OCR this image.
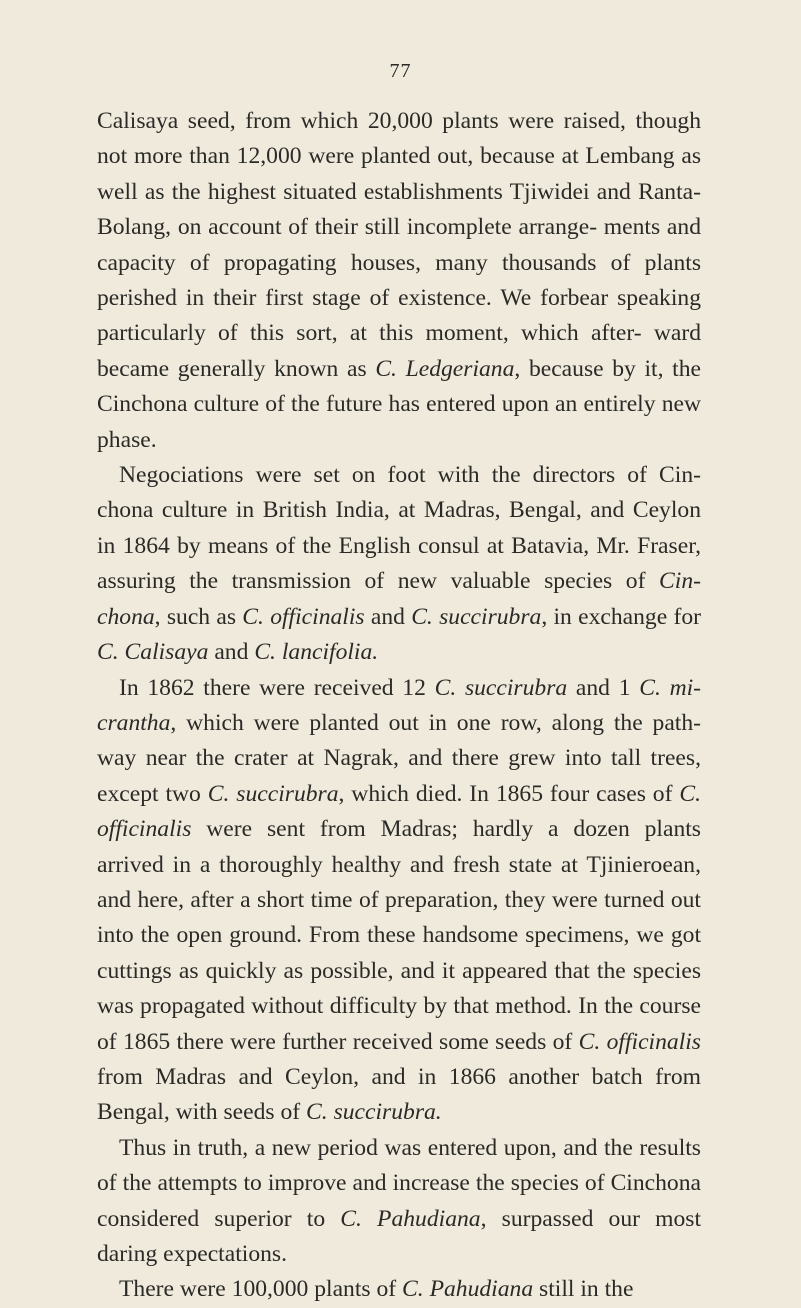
77

Calisaya seed, from which 20,000 plants were raised, though not more than 12,000 were planted out, because at Lembang as well as the highest situated establishments Tjiwidei and Ranta-Bolang, on account of their still incomplete arrange- ments and capacity of propagating houses, many thousands of plants perished in their first stage of existence. We forbear speaking particularly of this sort, at this moment, which after- ward became generally known as C. Ledgeriana, because by it, the Cinchona culture of the future has entered upon an entirely new phase.

Negociations were set on foot with the directors of Cin- chona culture in British India, at Madras, Bengal, and Ceylon in 1864 by means of the English consul at Batavia, Mr. Fraser, assuring the transmission of new valuable species of Cin- chona, such as C. officinalis and C. succirubra, in exchange for C. Calisaya and C. lancifolia.

In 1862 there were received 12 C. succirubra and 1 C. mi- crantha, which were planted out in one row, along the path- way near the crater at Nagrak, and there grew into tall trees, except two C. succirubra, which died. In 1865 four cases of C. officinalis were sent from Madras; hardly a dozen plants arrived in a thoroughly healthy and fresh state at Tjinieroean, and here, after a short time of preparation, they were turned out into the open ground. From these handsome specimens, we got cuttings as quickly as possible, and it appeared that the species was propagated without difficulty by that method. In the course of 1865 there were further received some seeds of C. officinalis from Madras and Ceylon, and in 1866 another batch from Bengal, with seeds of C. succirubra.

Thus in truth, a new period was entered upon, and the results of the attempts to improve and increase the species of Cinchona considered superior to C. Pahudiana, surpassed our most daring expectations.

There were 100,000 plants of C. Pahudiana still in the
